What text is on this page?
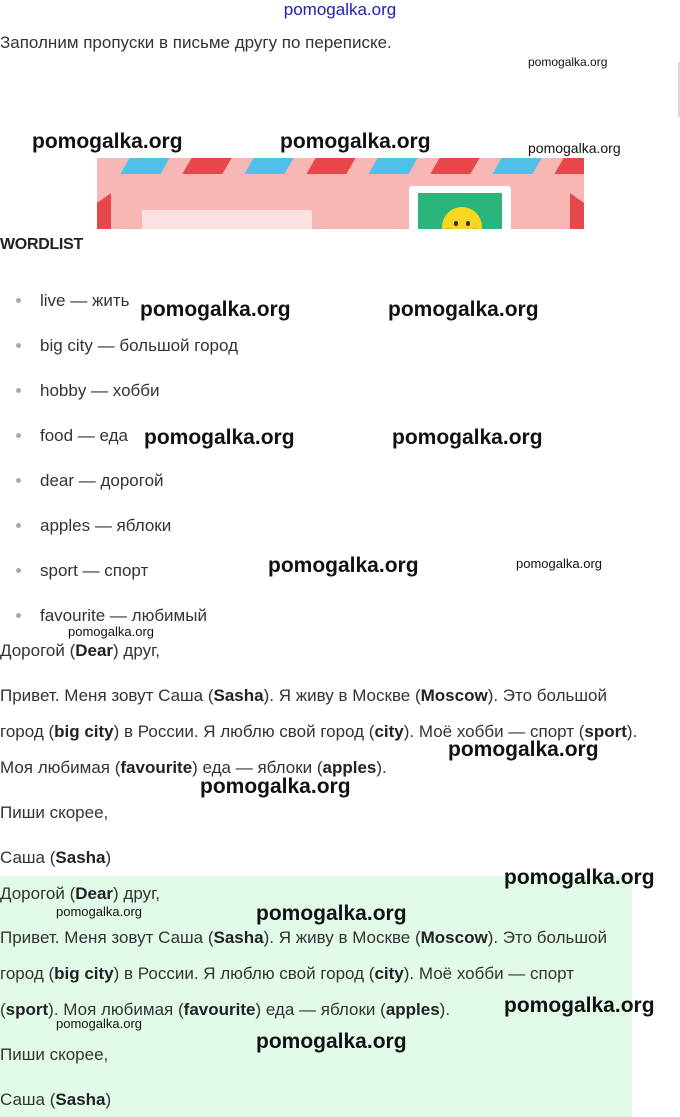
pomogalka.org
Заполним пропуски в письме другу по переписке.
WORDLIST
live — жить
big city — большой город
hobby — хобби
food — еда
dear — дорогой
apples — яблоки
sport — спорт
favourite — любимый
Дорогой (Dear) друг,
Привет. Меня зовут Саша (Sasha). Я живу в Москве (Moscow). Это большой
город (big city) в России. Я люблю свой город (city). Моё хобби — спорт (sport).
Моя любимая (favourite) еда — яблоки (apples).
Пиши скорее,
Саша (Sasha)
Дорогой (Dear) друг,
Привет. Меня зовут Саша (Sasha). Я живу в Москве (Moscow). Это большой
город (big city) в России. Я люблю свой город (city). Моё хобби — спорт
(sport). Моя любимая (favourite) еда — яблоки (apples).
Пиши скорее,
Саша (Sasha)
pomogalka.org
pomogalka.org	pomogalka.org	pomogalka.org
pomogalka.org	pomogalka.org
pomogalka.org	pomogalka.org
pomogalka.org	pomogalka.org
pomogalka.org
pomogalka.org
pomogalka.org
pomogalka.org
pomogalka.org	pomogalka.org
pomogalka.org
pomogalka.org
pomogalka.org
